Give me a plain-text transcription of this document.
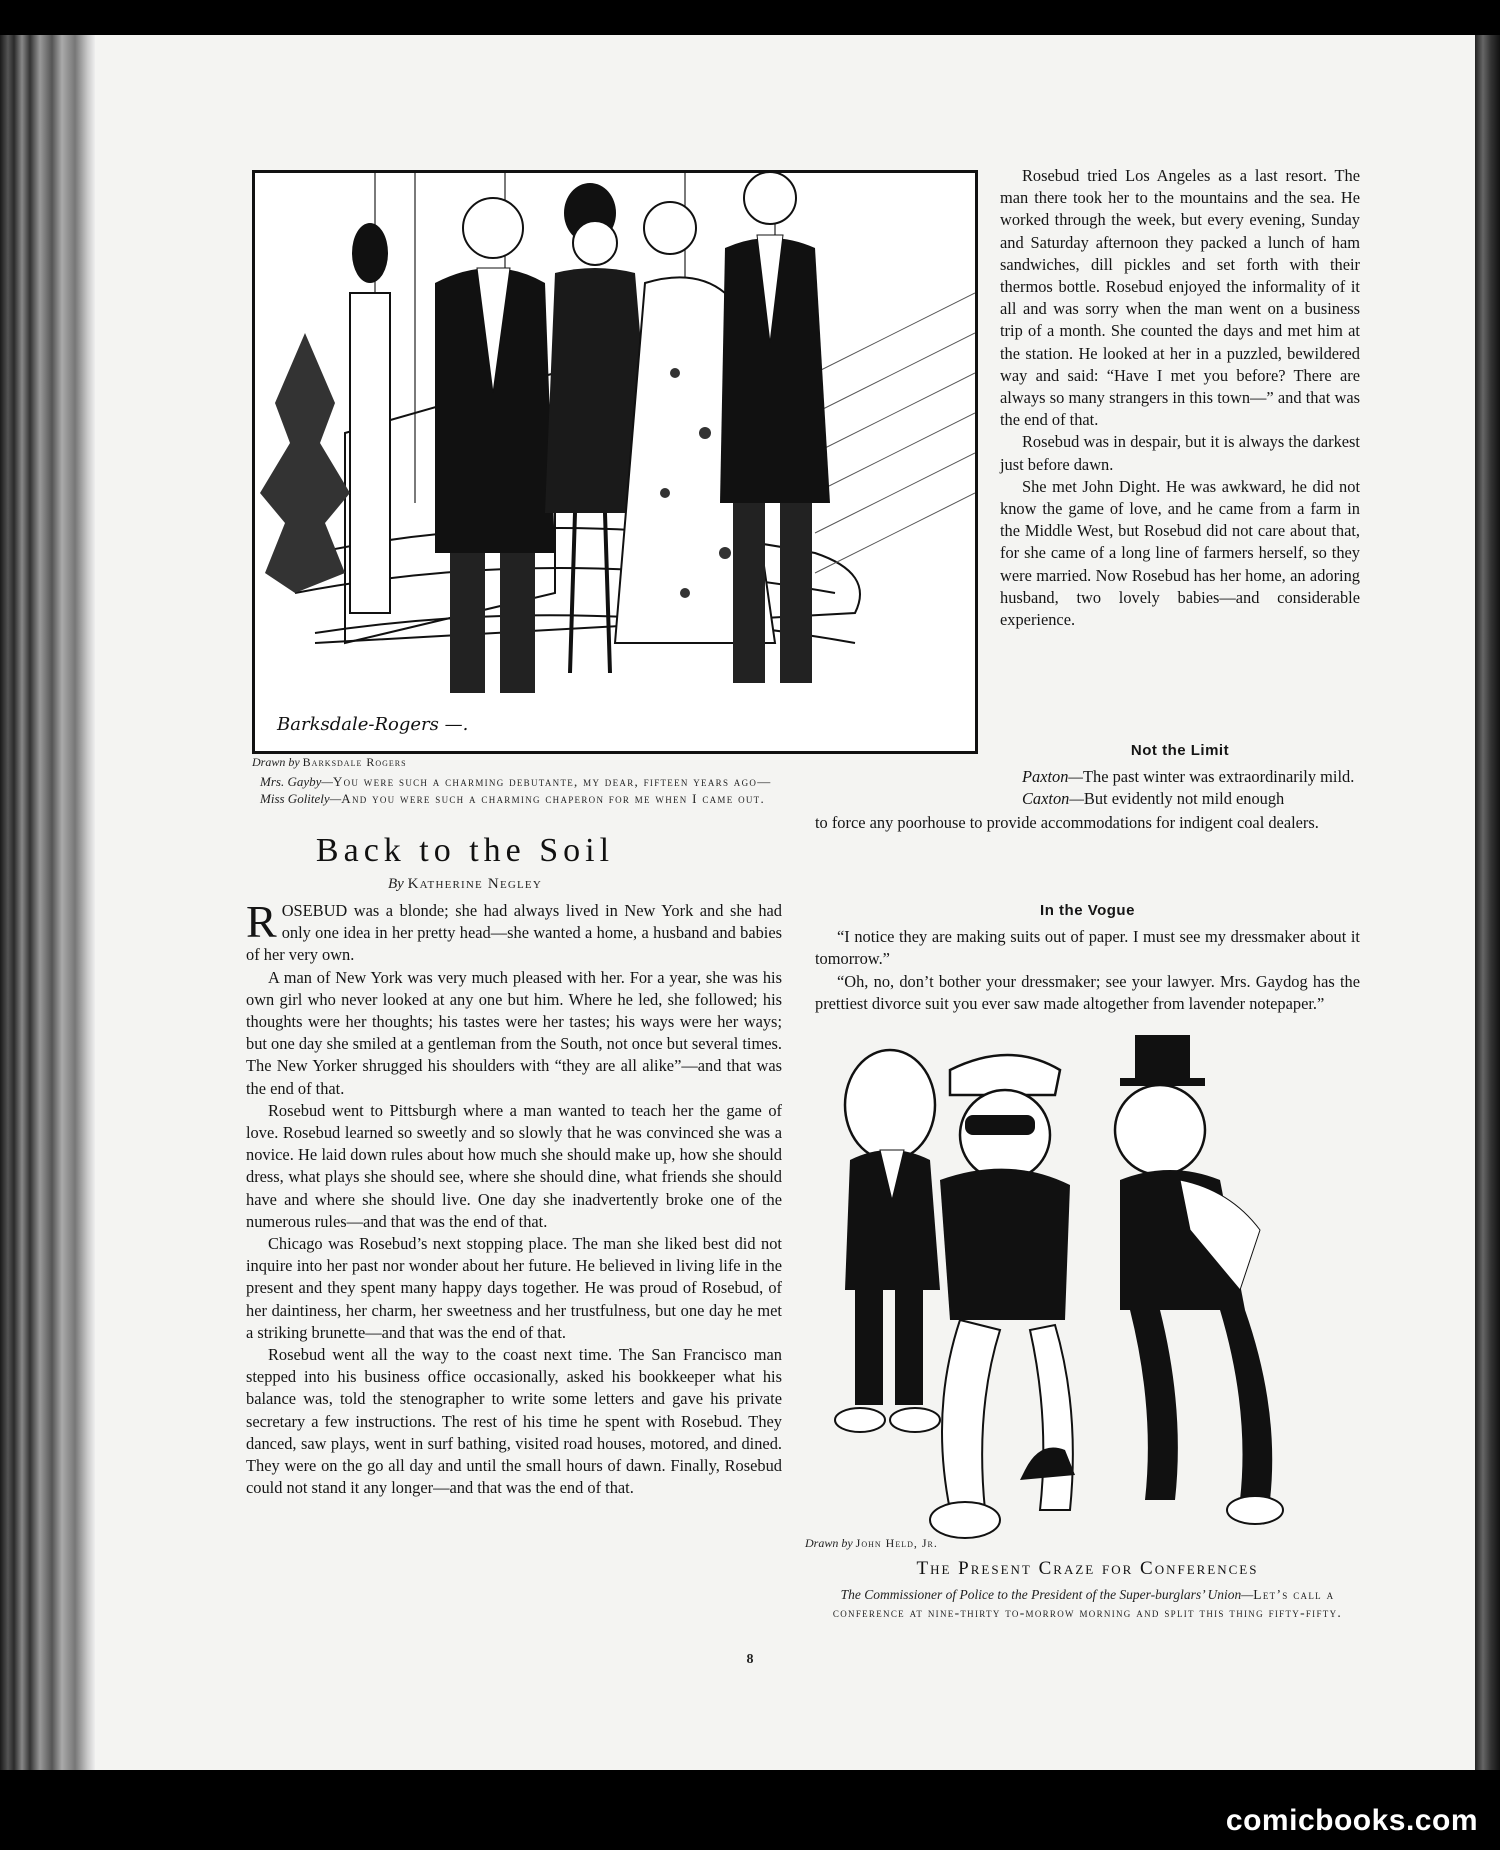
Barksdale-Rogers —.
Drawn by Barksdale Rogers
Mrs. Gayby—You were such a charming debutante, my dear, fifteen years ago—
Miss Golitely—And you were such a charming chaperon for me when I came out.
Back to the Soil
By Katherine Negley

ROSEBUD was a blonde; she had always lived in New York and she had only one idea in her pretty head—she wanted a home, a husband and babies of her very own.

A man of New York was very much pleased with her. For a year, she was his own girl who never looked at any one but him. Where he led, she followed; his thoughts were her thoughts; his tastes were her tastes; his ways were her ways; but one day she smiled at a gentleman from the South, not once but several times. The New Yorker shrugged his shoulders with “they are all alike”—and that was the end of that.

Rosebud went to Pittsburgh where a man wanted to teach her the game of love. Rosebud learned so sweetly and so slowly that he was convinced she was a novice. He laid down rules about how much she should make up, how she should dress, what plays she should see, where she should dine, what friends she should have and where she should live. One day she inadvertently broke one of the numerous rules—and that was the end of that.

Chicago was Rosebud’s next stopping place. The man she liked best did not inquire into her past nor wonder about her future. He believed in living life in the present and they spent many happy days together. He was proud of Rosebud, of her daintiness, her charm, her sweetness and her trustfulness, but one day he met a striking brunette—and that was the end of that.

Rosebud went all the way to the coast next time. The San Francisco man stepped into his business office occasionally, asked his bookkeeper what his balance was, told the stenographer to write some letters and gave his private secretary a few instructions. The rest of his time he spent with Rosebud. They danced, saw plays, went in surf bathing, visited road houses, motored, and dined. They were on the go all day and until the small hours of dawn. Finally, Rosebud could not stand it any longer—and that was the end of that.

Rosebud tried Los Angeles as a last resort. The man there took her to the mountains and the sea. He worked through the week, but every evening, Sunday and Saturday afternoon they packed a lunch of ham sandwiches, dill pickles and set forth with their thermos bottle. Rosebud enjoyed the informality of it all and was sorry when the man went on a business trip of a month. She counted the days and met him at the station. He looked at her in a puzzled, bewildered way and said: “Have I met you before? There are always so many strangers in this town—” and that was the end of that.

Rosebud was in despair, but it is always the darkest just before dawn.

She met John Dight. He was awkward, he did not know the game of love, and he came from a farm in the Middle West, but Rosebud did not care about that, for she came of a long line of farmers herself, so they were married. Now Rosebud has her home, an adoring husband, two lovely babies—and considerable experience.

Not the Limit

Paxton—The past winter was extraordinarily mild.

Caxton—But evidently not mild enough

to force any poorhouse to provide accommodations for indigent coal dealers.

In the Vogue

“I notice they are making suits out of paper. I must see my dressmaker about it tomorrow.”

“Oh, no, don’t bother your dressmaker; see your lawyer. Mrs. Gaydog has the prettiest divorce suit you ever saw made altogether from lavender notepaper.”

Drawn by John Held, Jr.
The Present Craze for Conferences
The Commissioner of Police to the President of the Super-burglars’ Union—Let’s call a conference at nine-thirty to-morrow morning and split this thing fifty-fifty.
8
comicbooks.com
